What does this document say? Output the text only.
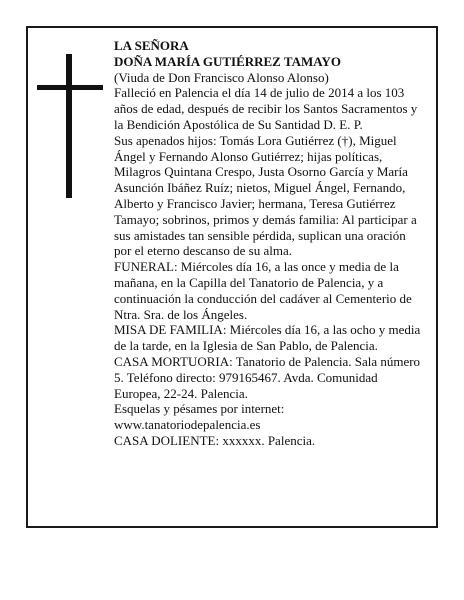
LA SEÑORA

DOÑA MARÍA GUTIÉRREZ TAMAYO

(Viuda de Don Francisco Alonso Alonso)

Falleció en Palencia el día 14 de julio de 2014 a los 103 años de edad, después de recibir los Santos Sacramentos y la Bendición Apostólica de Su Santidad D. E. P.

Sus apenados hijos: Tomás Lora Gutiérrez (†), Miguel Ángel y Fernando Alonso Gutiérrez; hijas políticas, Milagros Quintana Crespo, Justa Osorno García y María Asunción Ibáñez Ruíz; nietos, Miguel Ángel, Fernando, Alberto y Francisco Javier; hermana, Teresa Gutiérrez Tamayo; sobrinos, primos y demás familia: Al participar a sus amistades tan sensible pérdida, suplican una oración por el eterno descanso de su alma.

FUNERAL: Miércoles día 16, a las once y media de la mañana, en la Capilla del Tanatorio de Palencia, y a continuación la conducción del cadáver al Cementerio de Ntra. Sra. de los Ángeles.

MISA DE FAMILIA: Miércoles día 16, a las ocho y media de la tarde, en la Iglesia de San Pablo, de Palencia.

CASA MORTUORIA: Tanatorio de Palencia. Sala número 5. Teléfono directo: 979165467. Avda. Comunidad Europea, 22-24. Palencia.

Esquelas y pésames por internet:

www.tanatoriodepalencia.es

CASA DOLIENTE: xxxxxx. Palencia.
